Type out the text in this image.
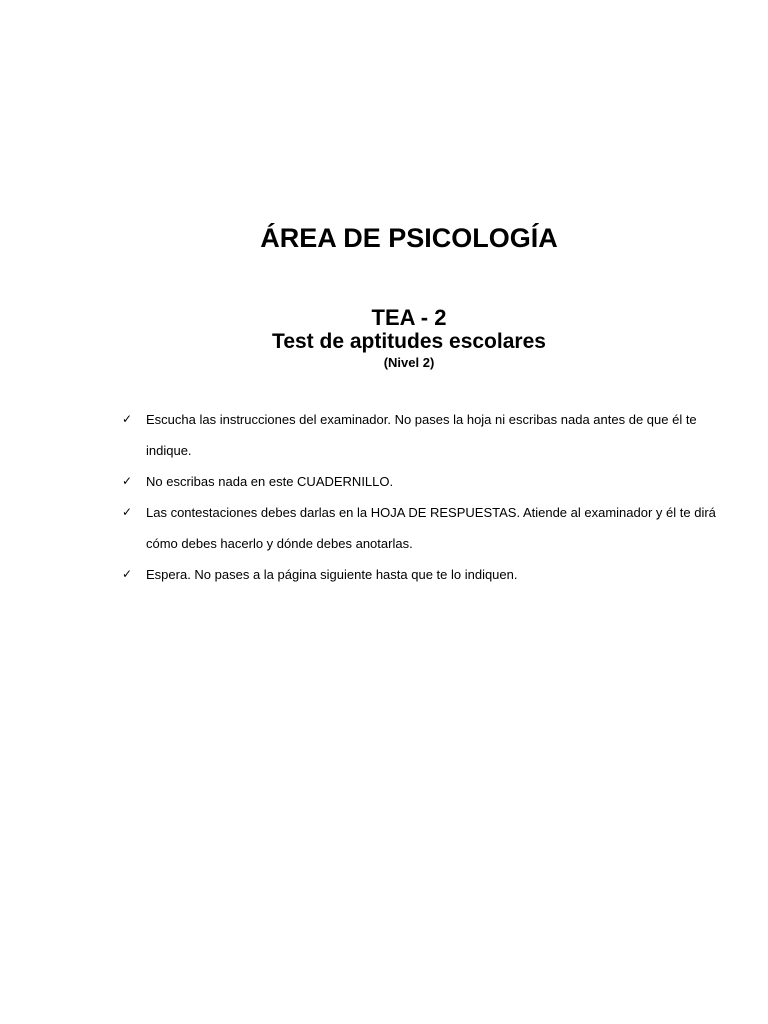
ÁREA DE PSICOLOGÍA
TEA - 2
Test de aptitudes escolares
(Nivel 2)
✓	Escucha las instrucciones del examinador. No pases la hoja ni escribas nada antes de que él te indique.
✓	No escribas nada en este CUADERNILLO.
✓	Las contestaciones debes darlas en la HOJA DE RESPUESTAS. Atiende al examinador y él te dirá cómo debes hacerlo y dónde debes anotarlas.
✓	Espera. No pases a la página siguiente hasta que te lo indiquen.
